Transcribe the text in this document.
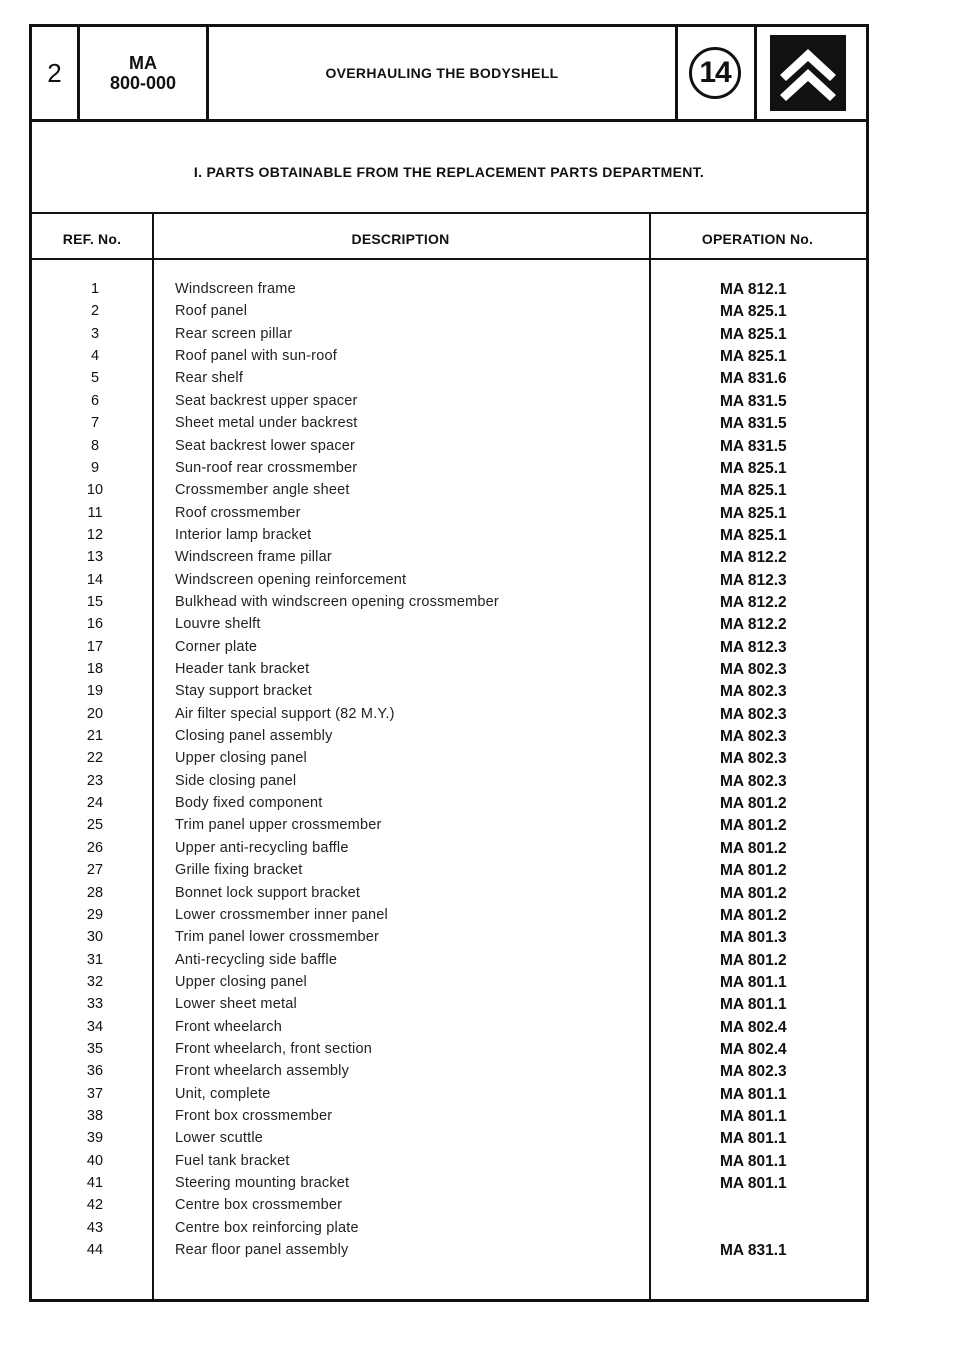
2	MA
800-000	OVERHAULING THE BODYSHELL	14
I. PARTS OBTAINABLE FROM THE REPLACEMENT PARTS DEPARTMENT.
REF. No.	DESCRIPTION	OPERATION No.
1	Windscreen frame	MA 812.1
2	Roof panel	MA 825.1
3	Rear screen pillar	MA 825.1
4	Roof panel with sun-roof	MA 825.1
5	Rear shelf	MA 831.6
6	Seat backrest upper spacer	MA 831.5
7	Sheet metal under backrest	MA 831.5
8	Seat backrest lower spacer	MA 831.5
9	Sun-roof rear crossmember	MA 825.1
10	Crossmember angle sheet	MA 825.1
11	Roof crossmember	MA 825.1
12	Interior lamp bracket	MA 825.1
13	Windscreen frame pillar	MA 812.2
14	Windscreen opening reinforcement	MA 812.3
15	Bulkhead with windscreen opening crossmember	MA 812.2
16	Louvre shelft	MA 812.2
17	Corner plate	MA 812.3
18	Header tank bracket	MA 802.3
19	Stay support bracket	MA 802.3
20	Air filter special support (82 M.Y.)	MA 802.3
21	Closing panel assembly	MA 802.3
22	Upper closing panel	MA 802.3
23	Side closing panel	MA 802.3
24	Body fixed component	MA 801.2
25	Trim panel upper crossmember	MA 801.2
26	Upper anti-recycling baffle	MA 801.2
27	Grille fixing bracket	MA 801.2
28	Bonnet lock support bracket	MA 801.2
29	Lower crossmember inner panel	MA 801.2
30	Trim panel lower crossmember	MA 801.3
31	Anti-recycling side baffle	MA 801.2
32	Upper closing panel	MA 801.1
33	Lower sheet metal	MA 801.1
34	Front wheelarch	MA 802.4
35	Front wheelarch, front section	MA 802.4
36	Front wheelarch assembly	MA 802.3
37	Unit, complete	MA 801.1
38	Front box crossmember	MA 801.1
39	Lower scuttle	MA 801.1
40	Fuel tank bracket	MA 801.1
41	Steering mounting bracket	MA 801.1
42	Centre box crossmember
43	Centre box reinforcing plate
44	Rear floor panel assembly	MA 831.1
